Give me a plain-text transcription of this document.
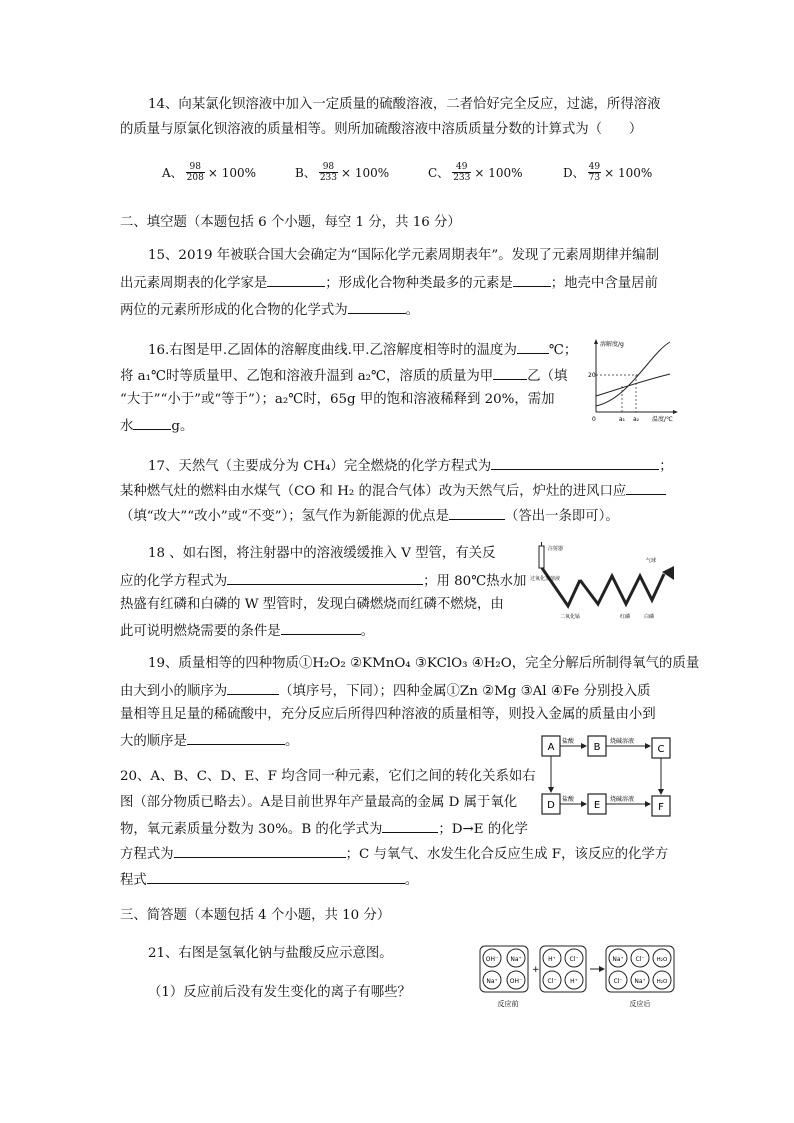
14、向某氯化钡溶液中加入一定质量的硫酸溶液，二者恰好完全反应，过滤，所得溶液
的质量与原氯化钡溶液的质量相等。则所加硫酸溶液中溶质质量分数的计算式为（　　）
A、 $\frac{98}{208} \times 100\%$	B、 $\frac{98}{233} \times 100\%$	C、 $\frac{49}{233} \times 100\%$	D、 $\frac{49}{73} \times 100\%$
二、填空题（本题包括 6 个小题，每空 1 分，共 16 分）
15、2019 年被联合国大会确定为“国际化学元素周期表年”。发现了元素周期律并编制
出元素周期表的化学家是	；形成化合物种类最多的元素是	；地壳中含量居前
两位的元素所形成的化合物的化学式为	。
16.右图是甲.乙固体的溶解度曲线.甲.乙溶解度相等时的温度为 ℃；
将 a₁℃时等质量甲、乙饱和溶液升温到 a₂℃，溶质的质量为甲	乙（填
“大于”“小于”或“等于”）；a₂℃时，65g 甲的饱和溶液稀释到 20%，需加
水	g。
溶解度/g
20
0	a₁ a₂ 温度/℃
17、天然气（主要成分为 CH₄）完全燃烧的化学方程式为	；
某种燃气灶的燃料由水煤气（CO 和 H₂ 的混合气体）改为天然气后，炉灶的进风口应
（填“改大”“改小”或“不变”）；氢气作为新能源的优点是	（答出一条即可）。
18 、如右图，将注射器中的溶液缓缓推入 V 型管，有关反
应的化学方程式为	；用 80℃热水加
热盛有红磷和白磷的 W 型管时，发现白磷燃烧而红磷不燃烧，由
此可说明燃烧需要的条件是	。
注射器
气球
过氧化氢溶液
二氧化锰	红磷	白磷
19、质量相等的四种物质①H₂O₂ ②KMnO₄ ③KClO₃ ④H₂O，完全分解后所制得氧气的质量
由大到小的顺序为	（填序号，下同）；四种金属①Zn ②Mg ③Al ④Fe 分别投入质
量相等且足量的稀硫酸中，充分反应后所得四种溶液的质量相等，则投入金属的质量由小到
大的顺序是	。
20、A、B、C、D、E、F 均含同一种元素，它们之间的转化关系如右
图（部分物质已略去）。A是目前世界年产量最高的金属 D 属于氧化
物，氧元素质量分数为 30%。B 的化学式为	；D→E 的化学
方程式为	；C 与氧气、水发生化合反应生成 F，该反应的化学方
程式	。
A	B	C
D	E	F
盐酸	烧碱溶液
盐酸	烧碱溶液
三、简答题（本题包括 4 个小题，共 10 分）
21、右图是氢氧化钠与盐酸反应示意图。
（1）反应前后没有发生变化的离子有哪些？
OH⁻ Na⁺
Na⁺ OH⁻
+
H⁺ Cl⁻
Cl⁻ H⁺
Na⁺ Cl⁻ H₂O
Cl⁻ Na⁺ H₂O
反应前	反应后
